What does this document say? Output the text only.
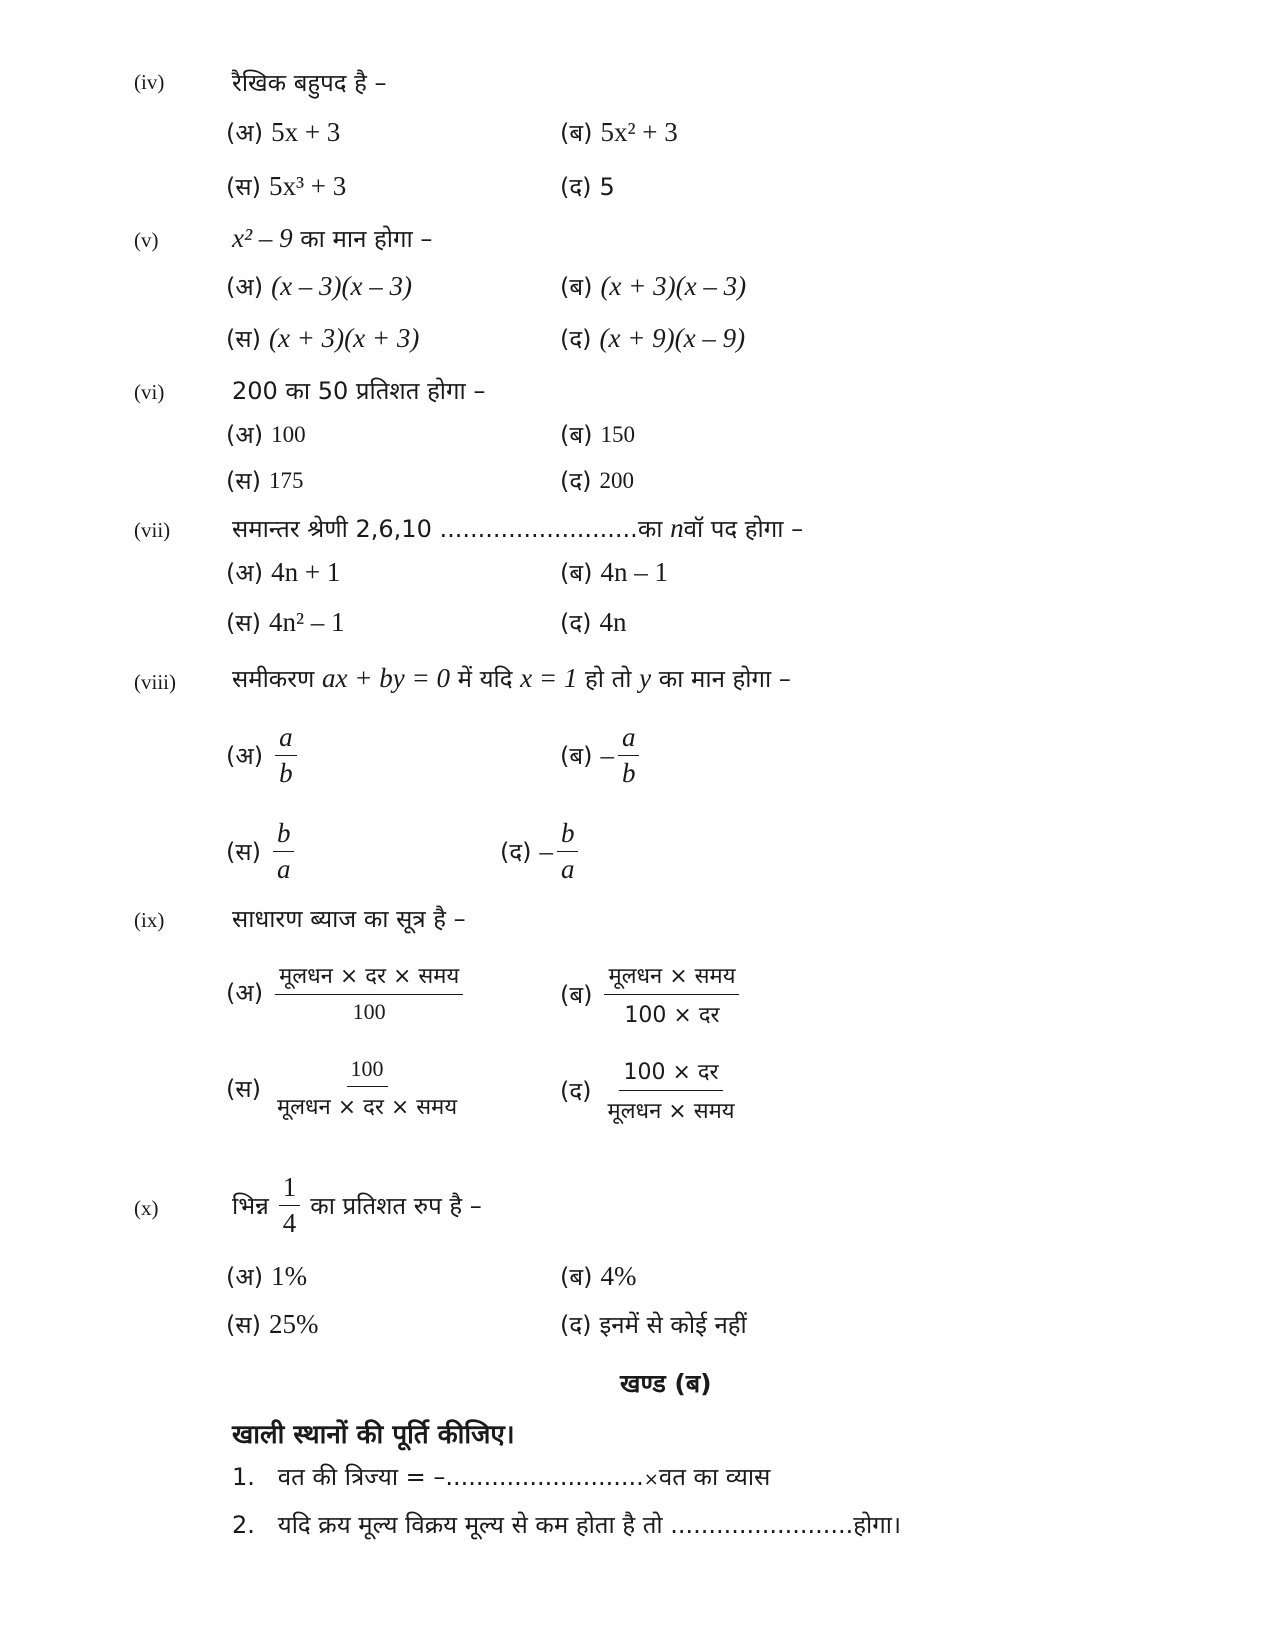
(iv)	रैखिक बहुपद है –
(अ) 5x + 3	(ब) 5x² + 3
(स) 5x³ + 3	(द) 5
(v)	x² – 9 का मान होगा –
(अ) (x – 3)(x – 3)	(ब) (x + 3)(x – 3)
(स) (x + 3)(x + 3)	(द) (x + 9)(x – 9)
(vi)	200 का 50 प्रतिशत होगा –
(अ) 100	(ब) 150
(स) 175	(द) 200
(vii)	समान्तर श्रेणी 2,6,10 ..........................का nवॉ पद होगा –
(अ) 4n + 1	(ब) 4n – 1
(स) 4n² – 1	(द) 4n
(viii) समीकरण ax + by = 0 में यदि x = 1 हो तो y का मान होगा –
(अ) $\frac{a}{b}$	(ब) – $\frac{a}{b}$
(स) $\frac{b}{a}$	(द) – $\frac{b}{a}$
(ix)	साधारण ब्याज का सूत्र है –
(अ) $\frac{\text{मूलधन × दर × समय}}{100}$	(ब) $\frac{\text{मूलधन × समय}}{\text{100 × दर}}$
(स) $\frac{100}{\text{मूलधन × दर × समय}}$	(द) $\frac{\text{100 × दर}}{\text{मूलधन × समय}}$
(x)	भिन्न $\frac{1}{4}$ का प्रतिशत रुप है –
(अ) 1%	(ब) 4%
(स) 25%	(द) इनमें से कोई नहीं
खण्ड (ब)
खाली स्थानों की पूर्ति कीजिए।
1. वत की त्रिज्या = –..........................×वत का व्यास
2. यदि क्रय मूल्य विक्रय मूल्य से कम होता है तो ........................होगा।
